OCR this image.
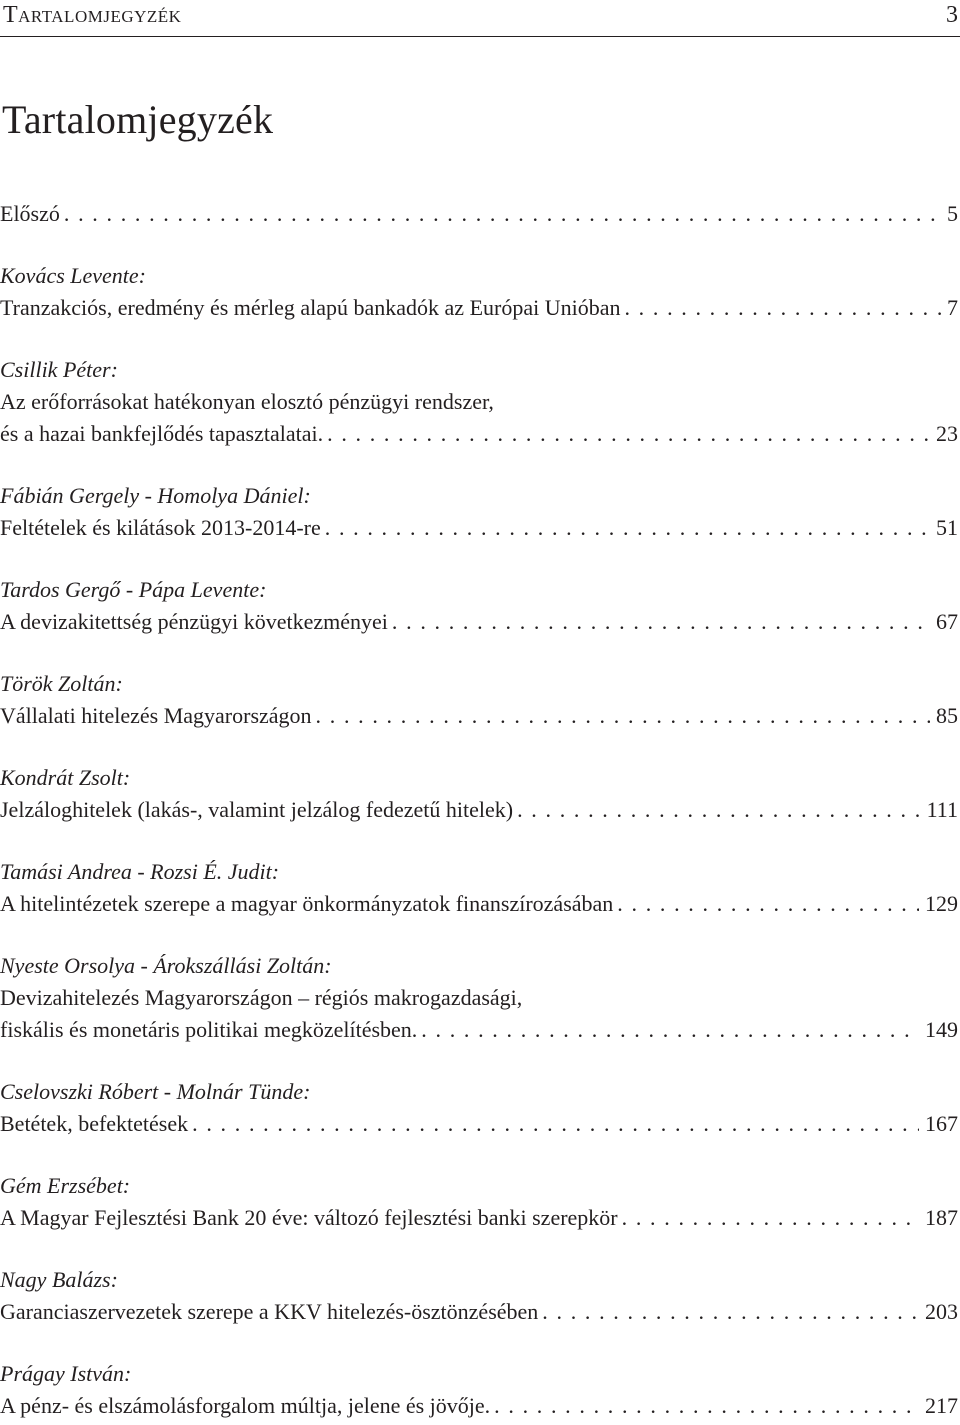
Tartalomjegyzék	3
Tartalomjegyzék
Előszó . . .	5
Kovács Levente:
Tranzakciós, eredmény és mérleg alapú bankadók az Európai Unióban . . .	7
Csillik Péter:
Az erőforrásokat hatékonyan elosztó pénzügyi rendszer,
és a hazai bankfejlődés tapasztalatai. . . .	23
Fábián Gergely - Homolya Dániel:
Feltételek és kilátások 2013-2014-re . . .	51
Tardos Gergő - Pápa Levente:
A devizakitettség pénzügyi következményei . . .	67
Török Zoltán:
Vállalati hitelezés Magyarországon . . .	85
Kondrát Zsolt:
Jelzáloghitelek (lakás-, valamint jelzálog fedezetű hitelek) . . .	111
Tamási Andrea - Rozsi É. Judit:
A hitelintézetek szerepe a magyar önkormányzatok finanszírozásában . . .	129
Nyeste Orsolya - Árokszállási Zoltán:
Devizahitelezés Magyarországon – régiós makrogazdasági,
fiskális és monetáris politikai megközelítésben. . . .	149
Cselovszki Róbert - Molnár Tünde:
Betétek, befektetések . . .	167
Gém Erzsébet:
A Magyar Fejlesztési Bank 20 éve: változó fejlesztési banki szerepkör . . .	187
Nagy Balázs:
Garanciaszervezetek szerepe a KKV hitelezés-ösztönzésében . . .	203
Prágay István:
A pénz- és elszámolásforgalom múltja, jelene és jövője. . . .	217
